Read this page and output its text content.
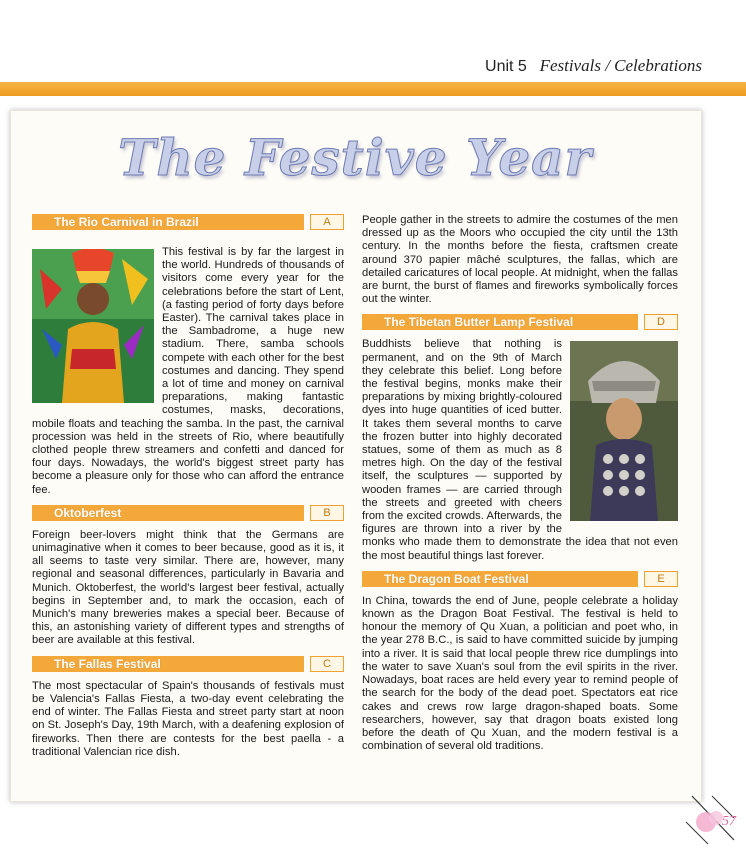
Unit 5 Festivals / Celebrations
The Festive Year
The Rio Carnival in Brazil	A

This festival is by far the largest in the world. Hundreds of thousands of visitors come every year for the celebrations before the start of Lent, (a fasting period of forty days before Easter). The carnival takes place in the Sambadrome, a huge new stadium. There, samba schools compete with each other for the best costumes and dancing. They spend a lot of time and money on carnival preparations, making fantastic costumes, masks, decorations, mobile floats and teaching the samba. In the past, the carnival procession was held in the streets of Rio, where beautifully clothed people threw streamers and confetti and danced for four days. Nowadays, the world's biggest street party has become a pleasure only for those who can afford the entrance fee.

Oktoberfest	B

Foreign beer-lovers might think that the Germans are unimaginative when it comes to beer because, good as it is, it all seems to taste very similar. There are, however, many regional and seasonal differences, particularly in Bavaria and Munich. Oktoberfest, the world's largest beer festival, actually begins in September and, to mark the occasion, each of Munich's many breweries makes a special beer. Because of this, an astonishing variety of different types and strengths of beer are available at this festival.

The Fallas Festival	C

The most spectacular of Spain's thousands of festivals must be Valencia's Fallas Fiesta, a two-day event celebrating the end of winter. The Fallas Fiesta and street party start at noon on St. Joseph's Day, 19th March, with a deafening explosion of fireworks. Then there are contests for the best paella - a traditional Valencian rice dish.

People gather in the streets to admire the costumes of the men dressed up as the Moors who occupied the city until the 13th century. In the months before the fiesta, craftsmen create around 370 papier mâché sculptures, the fallas, which are detailed caricatures of local people. At midnight, when the fallas are burnt, the burst of flames and fireworks symbolically forces out the winter.

The Tibetan Butter Lamp Festival	D

Buddhists believe that nothing is permanent, and on the 9th of March they celebrate this belief. Long before the festival begins, monks make their preparations by mixing brightly-coloured dyes into huge quantities of iced butter. It takes them several months to carve the frozen butter into highly decorated statues, some of them as much as 8 metres high. On the day of the festival itself, the sculptures — supported by wooden frames — are carried through the streets and greeted with cheers from the excited crowds. Afterwards, the figures are thrown into a river by the monks who made them to demonstrate the idea that not even the most beautiful things last forever.

The Dragon Boat Festival	E

In China, towards the end of June, people celebrate a holiday known as the Dragon Boat Festival. The festival is held to honour the memory of Qu Xuan, a politician and poet who, in the year 278 B.C., is said to have committed suicide by jumping into a river. It is said that local people threw rice dumplings into the water to save Xuan's soul from the evil spirits in the river. Nowadays, boat races are held every year to remind people of the search for the body of the dead poet. Spectators eat rice cakes and crews row large dragon-shaped boats. Some researchers, however, say that dragon boats existed long before the death of Qu Xuan, and the modern festival is a combination of several old traditions.

57
